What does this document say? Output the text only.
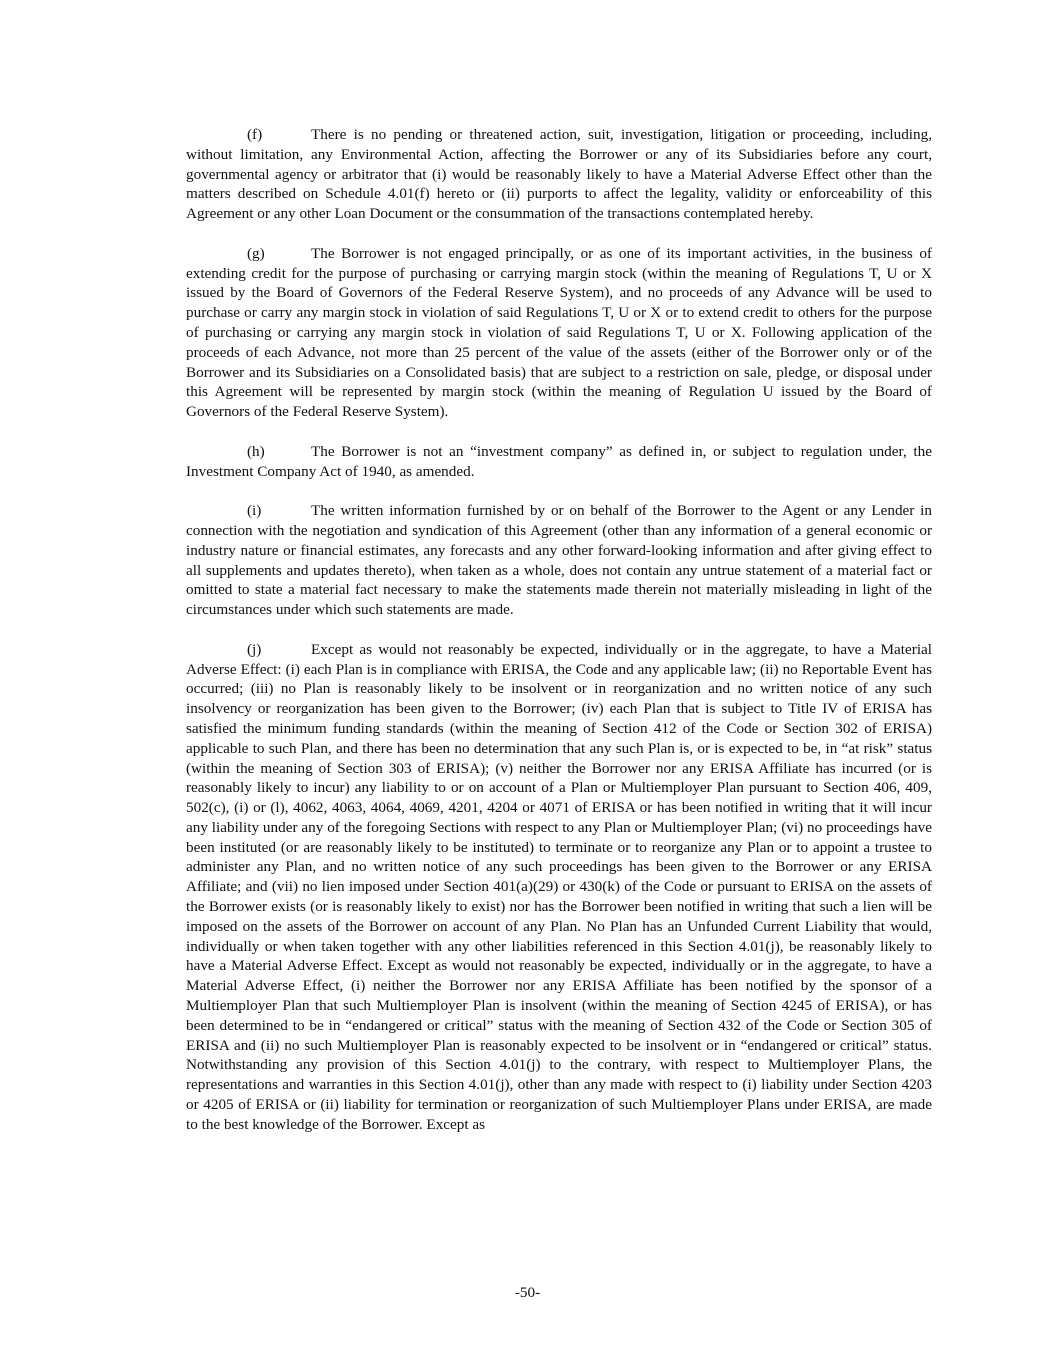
(f)	There is no pending or threatened action, suit, investigation, litigation or proceeding, including, without limitation, any Environmental Action, affecting the Borrower or any of its Subsidiaries before any court, governmental agency or arbitrator that (i) would be reasonably likely to have a Material Adverse Effect other than the matters described on Schedule 4.01(f) hereto or (ii) purports to affect the legality, validity or enforceability of this Agreement or any other Loan Document or the consummation of the transactions contemplated hereby.

(g)	The Borrower is not engaged principally, or as one of its important activities, in the business of extending credit for the purpose of purchasing or carrying margin stock (within the meaning of Regulations T, U or X issued by the Board of Governors of the Federal Reserve System), and no proceeds of any Advance will be used to purchase or carry any margin stock in violation of said Regulations T, U or X or to extend credit to others for the purpose of purchasing or carrying any margin stock in violation of said Regulations T, U or X. Following application of the proceeds of each Advance, not more than 25 percent of the value of the assets (either of the Borrower only or of the Borrower and its Subsidiaries on a Consolidated basis) that are subject to a restriction on sale, pledge, or disposal under this Agreement will be represented by margin stock (within the meaning of Regulation U issued by the Board of Governors of the Federal Reserve System).

(h)	The Borrower is not an “investment company” as defined in, or subject to regulation under, the Investment Company Act of 1940, as amended.

(i)	The written information furnished by or on behalf of the Borrower to the Agent or any Lender in connection with the negotiation and syndication of this Agreement (other than any information of a general economic or industry nature or financial estimates, any forecasts and any other forward-looking information and after giving effect to all supplements and updates thereto), when taken as a whole, does not contain any untrue statement of a material fact or omitted to state a material fact necessary to make the statements made therein not materially misleading in light of the circumstances under which such statements are made.

(j)	Except as would not reasonably be expected, individually or in the aggregate, to have a Material Adverse Effect: (i) each Plan is in compliance with ERISA, the Code and any applicable law; (ii) no Reportable Event has occurred; (iii) no Plan is reasonably likely to be insolvent or in reorganization and no written notice of any such insolvency or reorganization has been given to the Borrower; (iv) each Plan that is subject to Title IV of ERISA has satisfied the minimum funding standards (within the meaning of Section 412 of the Code or Section 302 of ERISA) applicable to such Plan, and there has been no determination that any such Plan is, or is expected to be, in “at risk” status (within the meaning of Section 303 of ERISA); (v) neither the Borrower nor any ERISA Affiliate has incurred (or is reasonably likely to incur) any liability to or on account of a Plan or Multiemployer Plan pursuant to Section 406, 409, 502(c), (i) or (l), 4062, 4063, 4064, 4069, 4201, 4204 or 4071 of ERISA or has been notified in writing that it will incur any liability under any of the foregoing Sections with respect to any Plan or Multiemployer Plan; (vi) no proceedings have been instituted (or are reasonably likely to be instituted) to terminate or to reorganize any Plan or to appoint a trustee to administer any Plan, and no written notice of any such proceedings has been given to the Borrower or any ERISA Affiliate; and (vii) no lien imposed under Section 401(a)(29) or 430(k) of the Code or pursuant to ERISA on the assets of the Borrower exists (or is reasonably likely to exist) nor has the Borrower been notified in writing that such a lien will be imposed on the assets of the Borrower on account of any Plan. No Plan has an Unfunded Current Liability that would, individually or when taken together with any other liabilities referenced in this Section 4.01(j), be reasonably likely to have a Material Adverse Effect. Except as would not reasonably be expected, individually or in the aggregate, to have a Material Adverse Effect, (i) neither the Borrower nor any ERISA Affiliate has been notified by the sponsor of a Multiemployer Plan that such Multiemployer Plan is insolvent (within the meaning of Section 4245 of ERISA), or has been determined to be in “endangered or critical” status with the meaning of Section 432 of the Code or Section 305 of ERISA and (ii) no such Multiemployer Plan is reasonably expected to be insolvent or in “endangered or critical” status. Notwithstanding any provision of this Section 4.01(j) to the contrary, with respect to Multiemployer Plans, the representations and warranties in this Section 4.01(j), other than any made with respect to (i) liability under Section 4203 or 4205 of ERISA or (ii) liability for termination or reorganization of such Multiemployer Plans under ERISA, are made to the best knowledge of the Borrower. Except as

-50-
